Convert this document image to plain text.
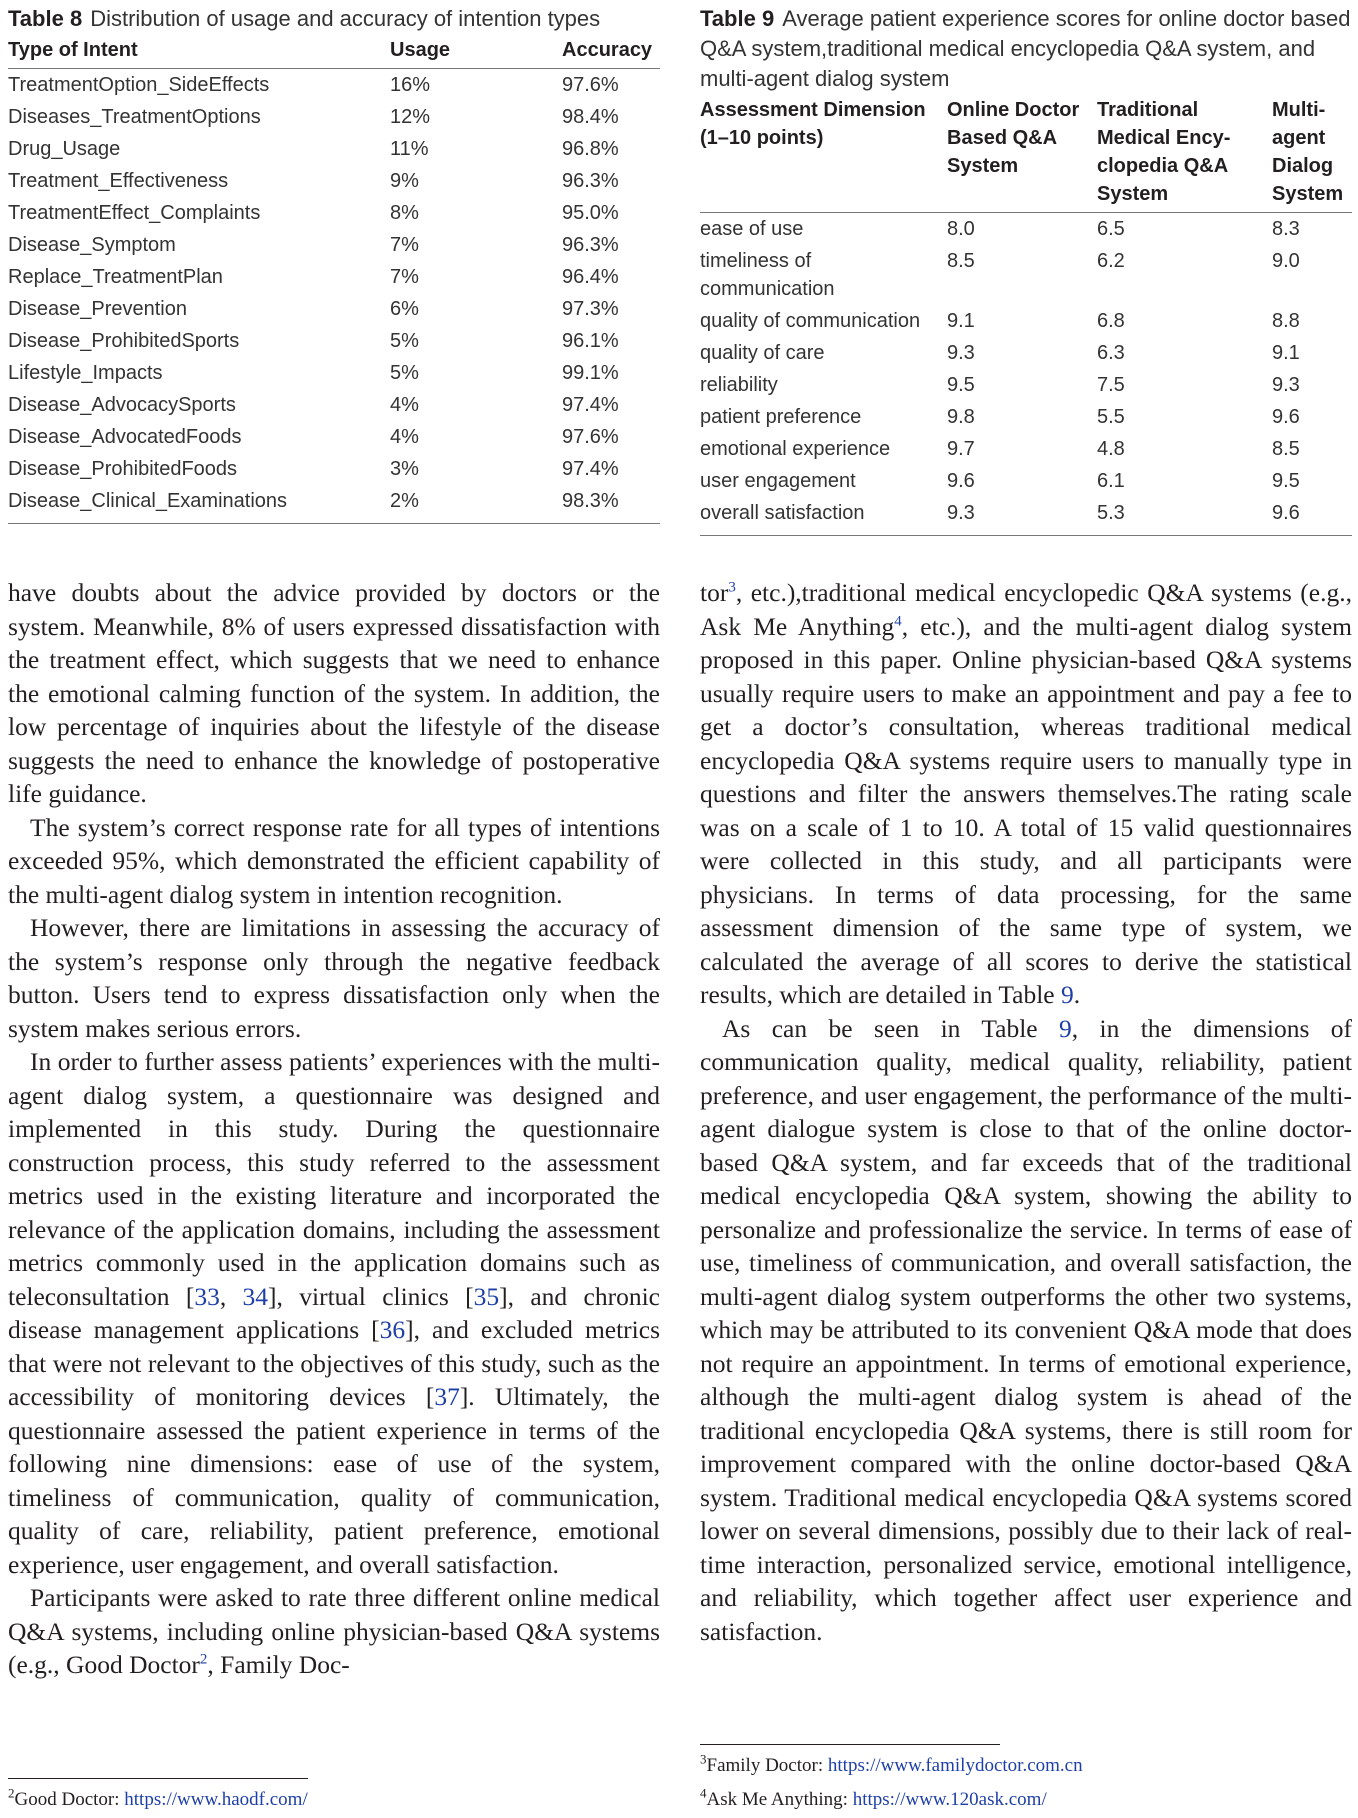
Table 8 Distribution of usage and accuracy of intention types

Type of Intent	Usage	Accuracy
TreatmentOption_SideEffects	16%	97.6%
Diseases_TreatmentOptions	12%	98.4%
Drug_Usage	11%	96.8%
Treatment_Effectiveness	9%	96.3%
TreatmentEffect_Complaints	8%	95.0%
Disease_Symptom	7%	96.3%
Replace_TreatmentPlan	7%	96.4%
Disease_Prevention	6%	97.3%
Disease_ProhibitedSports	5%	96.1%
Lifestyle_Impacts	5%	99.1%
Disease_AdvocacySports	4%	97.4%
Disease_AdvocatedFoods	4%	97.6%
Disease_ProhibitedFoods	3%	97.4%
Disease_Clinical_Examinations	2%	98.3%

Table 9 Average patient experience scores for online doctor based Q&A system,traditional medical encyclopedia Q&A system, and multi-agent dialog system

Assessment Dimension (1–10 points)	Online Doctor Based Q&A System	Traditional Medical Ency-clopedia Q&A System	Multi-agent Dialog System
ease of use	8.0	6.5	8.3
timeliness of communication	8.5	6.2	9.0
quality of communication	9.1	6.8	8.8
quality of care	9.3	6.3	9.1
reliability	9.5	7.5	9.3
patient preference	9.8	5.5	9.6
emotional experience	9.7	4.8	8.5
user engagement	9.6	6.1	9.5
overall satisfaction	9.3	5.3	9.6

have doubts about the advice provided by doctors or the system. Meanwhile, 8% of users expressed dissatisfaction with the treatment effect, which suggests that we need to enhance the emotional calming function of the system. In addition, the low percentage of inquiries about the lifestyle of the disease suggests the need to enhance the knowledge of postoperative life guidance.

The system’s correct response rate for all types of intentions exceeded 95%, which demonstrated the efficient capability of the multi-agent dialog system in intention recognition.

However, there are limitations in assessing the accuracy of the system’s response only through the negative feedback button. Users tend to express dissatisfaction only when the system makes serious errors.

In order to further assess patients’ experiences with the multi-agent dialog system, a questionnaire was designed and implemented in this study. During the questionnaire construction process, this study referred to the assessment metrics used in the existing literature and incorporated the relevance of the application domains, including the assessment metrics commonly used in the application domains such as teleconsultation [33, 34], virtual clinics [35], and chronic disease management applications [36], and excluded metrics that were not relevant to the objectives of this study, such as the accessibility of monitoring devices [37]. Ultimately, the questionnaire assessed the patient experience in terms of the following nine dimensions: ease of use of the system, timeliness of communication, quality of communication, quality of care, reliability, patient preference, emotional experience, user engagement, and overall satisfaction.

Participants were asked to rate three different online medical Q&A systems, including online physician-based Q&A systems (e.g., Good Doctor$^2$, Family Doc-

tor$^3$, etc.),traditional medical encyclopedic Q&A systems (e.g., Ask Me Anything$^4$, etc.), and the multi-agent dialog system proposed in this paper. Online physician-based Q&A systems usually require users to make an appointment and pay a fee to get a doctor’s consultation, whereas traditional medical encyclopedia Q&A systems require users to manually type in questions and filter the answers themselves.The rating scale was on a scale of 1 to 10. A total of 15 valid questionnaires were collected in this study, and all participants were physicians. In terms of data processing, for the same assessment dimension of the same type of system, we calculated the average of all scores to derive the statistical results, which are detailed in Table 9.

As can be seen in Table 9, in the dimensions of communication quality, medical quality, reliability, patient preference, and user engagement, the performance of the multi-agent dialogue system is close to that of the online doctor-based Q&A system, and far exceeds that of the traditional medical encyclopedia Q&A system, showing the ability to personalize and professionalize the service. In terms of ease of use, timeliness of communication, and overall satisfaction, the multi-agent dialog system outperforms the other two systems, which may be attributed to its convenient Q&A mode that does not require an appointment. In terms of emotional experience, although the multi-agent dialog system is ahead of the traditional encyclopedia Q&A systems, there is still room for improvement compared with the online doctor-based Q&A system. Traditional medical encyclopedia Q&A systems scored lower on several dimensions, possibly due to their lack of real-time interaction, personalized service, emotional intelligence, and reliability, which together affect user experience and satisfaction.

$^2$Good Doctor: https://www.haodf.com/
$^3$Family Doctor: https://www.familydoctor.com.cn
$^4$Ask Me Anything: https://www.120ask.com/
